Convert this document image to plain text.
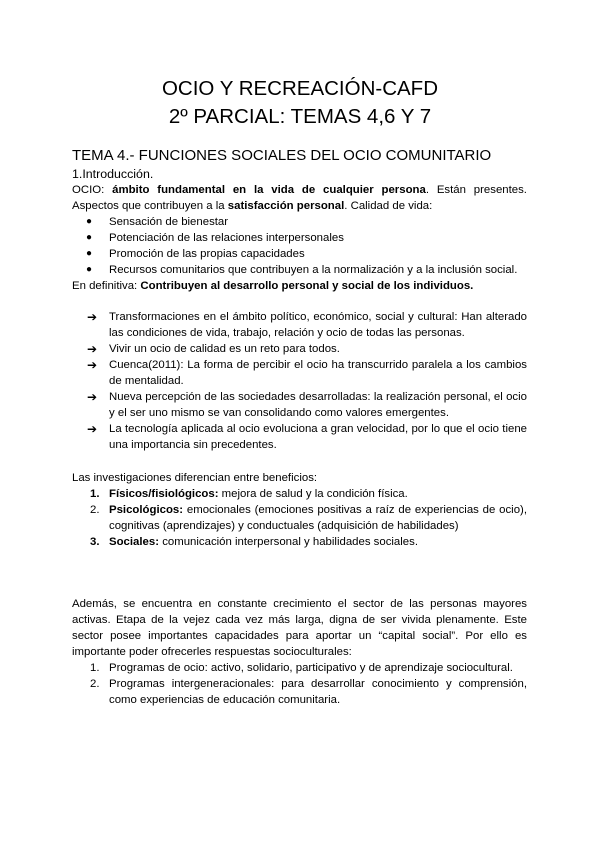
OCIO Y RECREACIÓN-CAFD
2º PARCIAL: TEMAS 4,6 Y 7

TEMA 4.- FUNCIONES SOCIALES DEL OCIO COMUNITARIO

1.Introducción.

OCIO: ámbito fundamental en la vida de cualquier persona. Están presentes. Aspectos que contribuyen a la satisfacción personal. Calidad de vida:

● Sensación de bienestar
● Potenciación de las relaciones interpersonales
● Promoción de las propias capacidades
● Recursos comunitarios que contribuyen a la normalización y a la inclusión social.

En definitiva: Contribuyen al desarrollo personal y social de los individuos.

➔ Transformaciones en el ámbito político, económico, social y cultural: Han alterado las condiciones de vida, trabajo, relación y ocio de todas las personas.
➔ Vivir un ocio de calidad es un reto para todos.
➔ Cuenca(2011): La forma de percibir el ocio ha transcurrido paralela a los cambios de mentalidad.
➔ Nueva percepción de las sociedades desarrolladas: la realización personal, el ocio y el ser uno mismo se van consolidando como valores emergentes.
➔ La tecnología aplicada al ocio evoluciona a gran velocidad, por lo que el ocio tiene una importancia sin precedentes.

Las investigaciones diferencian entre beneficios:

1. Físicos/fisiológicos: mejora de salud y la condición física.
2. Psicológicos: emocionales (emociones positivas a raíz de experiencias de ocio), cognitivas (aprendizajes) y conductuales (adquisición de habilidades)
3. Sociales: comunicación interpersonal y habilidades sociales.

Además, se encuentra en constante crecimiento el sector de las personas mayores activas. Etapa de la vejez cada vez más larga, digna de ser vivida plenamente. Este sector posee importantes capacidades para aportar un “capital social”. Por ello es importante poder ofrecerles respuestas socioculturales:

1. Programas de ocio: activo, solidario, participativo y de aprendizaje sociocultural.
2. Programas intergeneracionales: para desarrollar conocimiento y comprensión, como experiencias de educación comunitaria.
